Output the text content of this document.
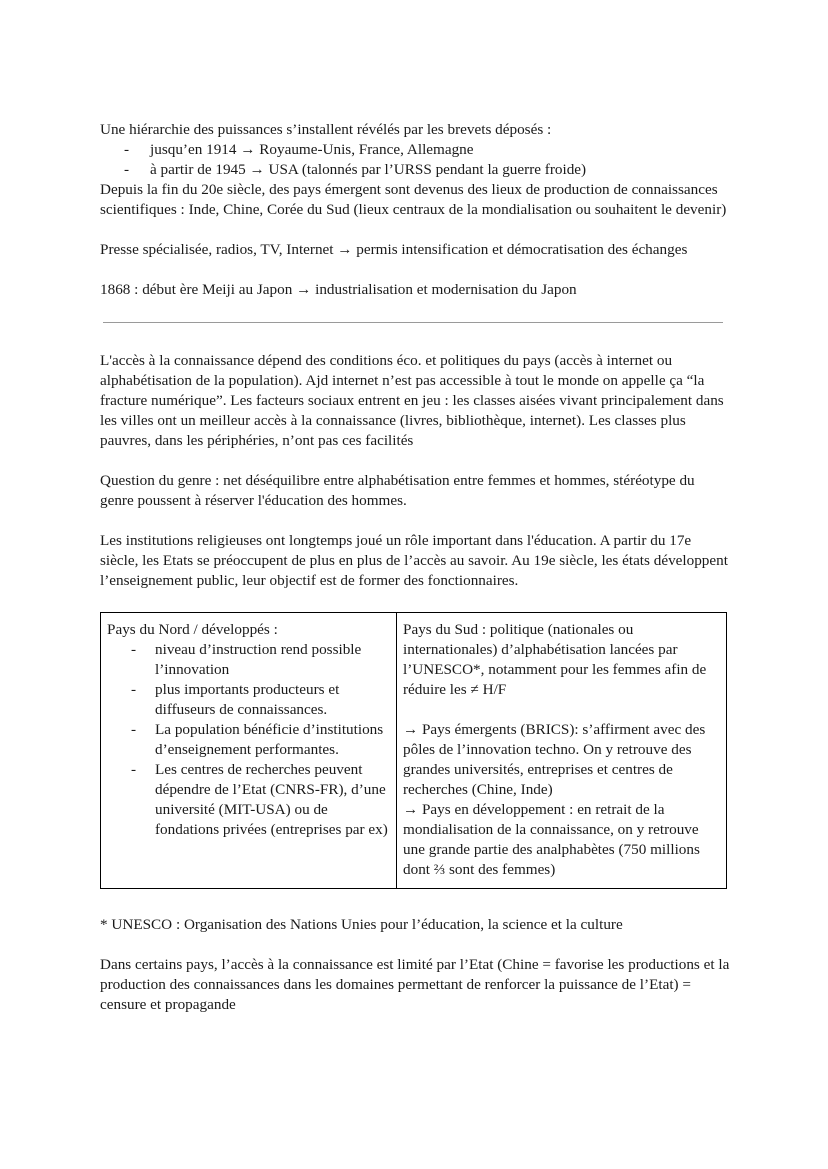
Une hiérarchie des puissances s’installent révélés par les brevets déposés :

- jusqu’en 1914 → Royaume-Unis, France, Allemagne
- à partir de 1945 → USA (talonnés par l’URSS pendant la guerre froide)

Depuis la fin du 20e siècle, des pays émergent sont devenus des lieux de production de connaissances scientifiques : Inde, Chine, Corée du Sud (lieux centraux de la mondialisation ou souhaitent le devenir)

Presse spécialisée, radios, TV, Internet → permis intensification et démocratisation des échanges

1868 : début ère Meiji au Japon → industrialisation et modernisation du Japon

L'accès à la connaissance dépend des conditions éco. et politiques du pays (accès à internet ou alphabétisation de la population). Ajd internet n’est pas accessible à tout le monde on appelle ça “la fracture numérique”. Les facteurs sociaux entrent en jeu : les classes aisées vivant principalement dans les villes ont un meilleur accès à la connaissance (livres, bibliothèque, internet). Les classes plus pauvres, dans les périphéries, n’ont pas ces facilités

Question du genre : net déséquilibre entre alphabétisation entre femmes et hommes, stéréotype du genre poussent à réserver l'éducation des hommes.

Les institutions religieuses ont longtemps joué un rôle important dans l'éducation. A partir du 17e siècle, les Etats se préoccupent de plus en plus de l’accès au savoir. Au 19e siècle, les états développent l’enseignement public, leur objectif est de former des fonctionnaires.

Pays du Nord / développés :

- niveau d’instruction rend possible l’innovation
- plus importants producteurs et diffuseurs de connaissances.
- La population bénéficie d’institutions d’enseignement performantes.
- Les centres de recherches peuvent dépendre de l’Etat (CNRS-FR), d’une université (MIT-USA) ou de fondations privées (entreprises par ex)

Pays du Sud : politique (nationales ou internationales) d’alphabétisation lancées par l’UNESCO*, notamment pour les femmes afin de réduire les ≠ H/F

→ Pays émergents (BRICS): s’affirment avec des pôles de l’innovation techno. On y retrouve des grandes universités, entreprises et centres de recherches (Chine, Inde)

→ Pays en développement : en retrait de la mondialisation de la connaissance, on y retrouve une grande partie des analphabètes (750 millions dont ⅔ sont des femmes)

* UNESCO : Organisation des Nations Unies pour l’éducation, la science et la culture

Dans certains pays, l’accès à la connaissance est limité par l’Etat (Chine = favorise les productions et la production des connaissances dans les domaines permettant de renforcer la puissance de l’Etat) = censure et propagande
